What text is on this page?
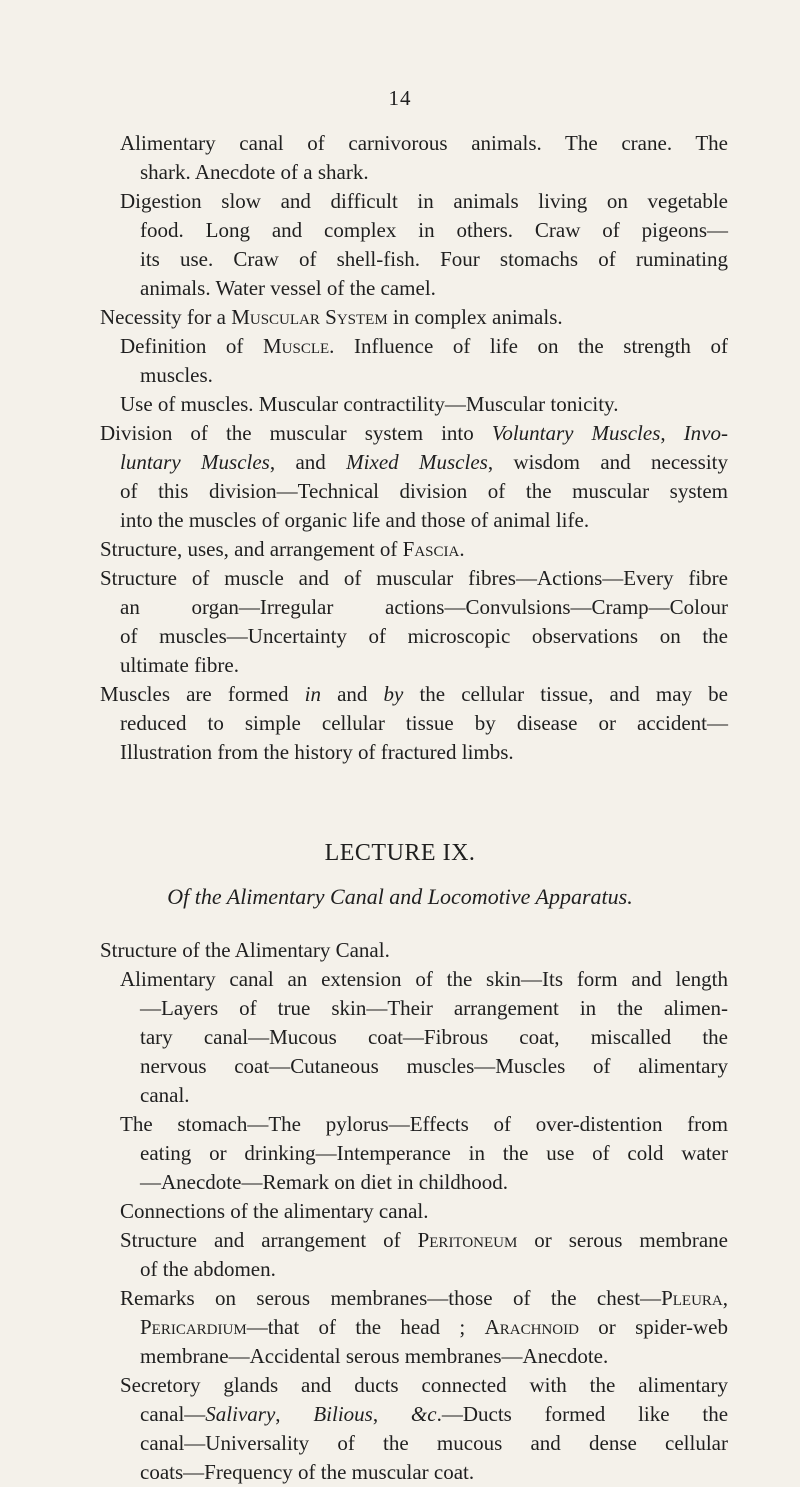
14
Alimentary canal of carnivorous animals. The crane. The
shark. Anecdote of a shark.
Digestion slow and difficult in animals living on vegetable
food. Long and complex in others. Craw of pigeons—
its use. Craw of shell-fish. Four stomachs of ruminating
animals. Water vessel of the camel.
Necessity for a Muscular System in complex animals.
Definition of Muscle. Influence of life on the strength of
muscles.
Use of muscles. Muscular contractility—Muscular tonicity.
Division of the muscular system into Voluntary Muscles, Invo-
luntary Muscles, and Mixed Muscles, wisdom and necessity
of this division—Technical division of the muscular system
into the muscles of organic life and those of animal life.
Structure, uses, and arrangement of Fascia.
Structure of muscle and of muscular fibres—Actions—Every fibre
an organ—Irregular actions—Convulsions—Cramp—Colour
of muscles—Uncertainty of microscopic observations on the
ultimate fibre.
Muscles are formed in and by the cellular tissue, and may be
reduced to simple cellular tissue by disease or accident—
Illustration from the history of fractured limbs.
LECTURE IX.
Of the Alimentary Canal and Locomotive Apparatus.
Structure of the Alimentary Canal.
Alimentary canal an extension of the skin—Its form and length
—Layers of true skin—Their arrangement in the alimen-
tary canal—Mucous coat—Fibrous coat, miscalled the
nervous coat—Cutaneous muscles—Muscles of alimentary
canal.
The stomach—The pylorus—Effects of over-distention from
eating or drinking—Intemperance in the use of cold water
—Anecdote—Remark on diet in childhood.
Connections of the alimentary canal.
Structure and arrangement of Peritoneum or serous membrane
of the abdomen.
Remarks on serous membranes—those of the chest—Pleura,
Pericardium—that of the head ; Arachnoid or spider-web
membrane—Accidental serous membranes—Anecdote.
Secretory glands and ducts connected with the alimentary
canal—Salivary, Bilious, &c.—Ducts formed like the
canal—Universality of the mucous and dense cellular
coats—Frequency of the muscular coat.
